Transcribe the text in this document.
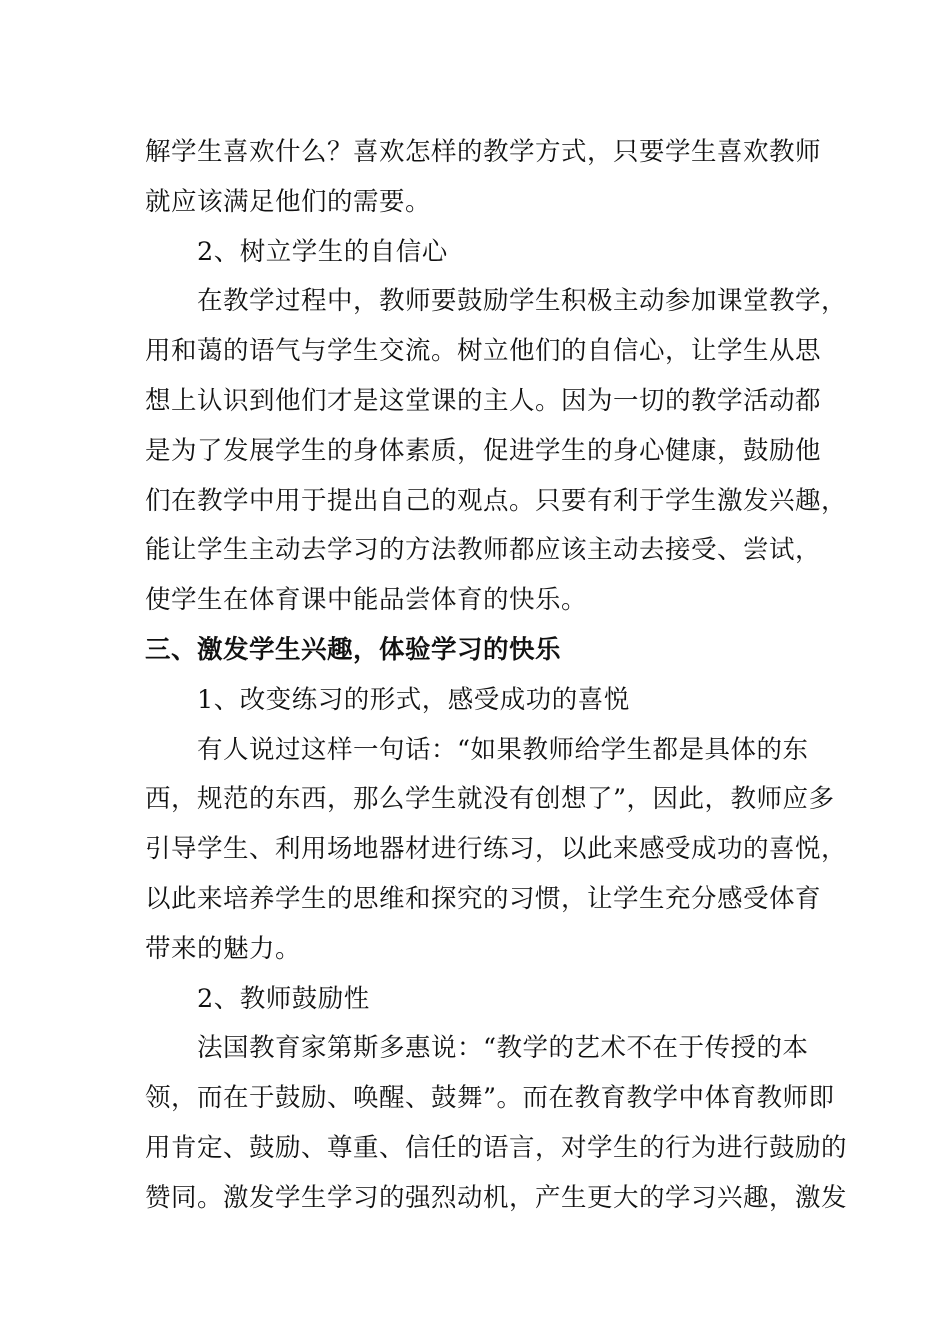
解学生喜欢什么？喜欢怎样的教学方式，只要学生喜欢教师
就应该满足他们的需要。
2、树立学生的自信心
在教学过程中，教师要鼓励学生积极主动参加课堂教学，
用和蔼的语气与学生交流。树立他们的自信心，让学生从思
想上认识到他们才是这堂课的主人。因为一切的教学活动都
是为了发展学生的身体素质，促进学生的身心健康，鼓励他
们在教学中用于提出自己的观点。只要有利于学生激发兴趣，
能让学生主动去学习的方法教师都应该主动去接受、尝试，
使学生在体育课中能品尝体育的快乐。
三、激发学生兴趣，体验学习的快乐
1、改变练习的形式，感受成功的喜悦
有人说过这样一句话：“如果教师给学生都是具体的东
西，规范的东西，那么学生就没有创想了”，因此，教师应多
引导学生、利用场地器材进行练习，以此来感受成功的喜悦，
以此来培养学生的思维和探究的习惯，让学生充分感受体育
带来的魅力。
2、教师鼓励性
法国教育家第斯多惠说：“教学的艺术不在于传授的本
领，而在于鼓励、唤醒、鼓舞”。而在教育教学中体育教师即
用肯定、鼓励、尊重、信任的语言，对学生的行为进行鼓励的
赞同。激发学生学习的强烈动机，产生更大的学习兴趣，激发
